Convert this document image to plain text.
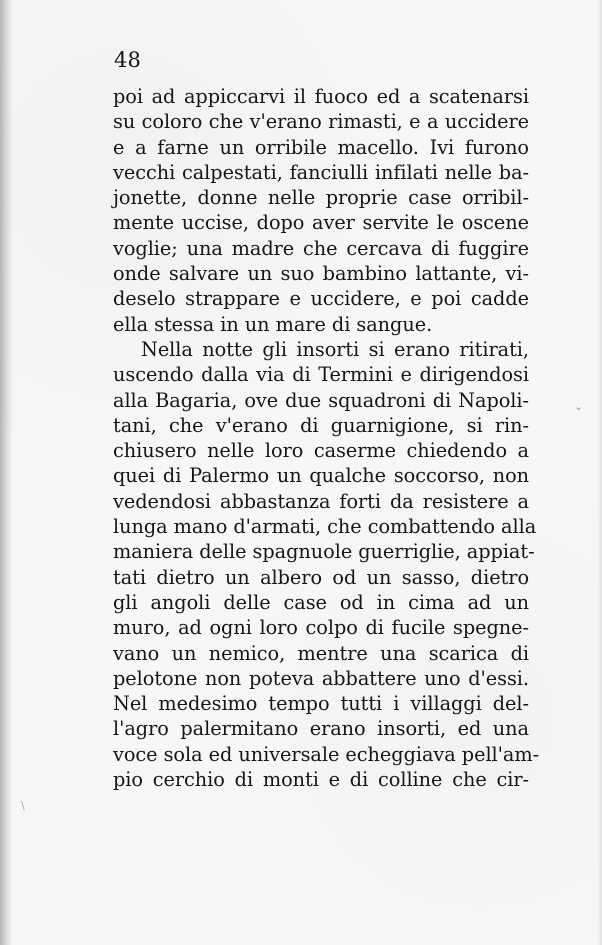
48
poi ad appiccarvi il fuoco ed a scatenarsi
su coloro che v'erano rimasti, e a uccidere
e a farne un orribile macello. Ivi furono
vecchi calpestati, fanciulli infilati nelle ba-
jonette, donne nelle proprie case orribil-
mente uccise, dopo aver servite le oscene
voglie; una madre che cercava di fuggire
onde salvare un suo bambino lattante, vi-
deselo strappare e uccidere, e poi cadde
ella stessa in un mare di sangue.
Nella notte gli insorti si erano ritirati,
uscendo dalla via di Termini e dirigendosi
alla Bagaria, ove due squadroni di Napoli-
tani, che v'erano di guarnigione, si rin-
chiusero nelle loro caserme chiedendo a
quei di Palermo un qualche soccorso, non
vedendosi abbastanza forti da resistere a
lunga mano d'armati, che combattendo alla
maniera delle spagnuole guerriglie, appiat-
tati dietro un albero od un sasso, dietro
gli angoli delle case od in cima ad un
muro, ad ogni loro colpo di fucile spegne-
vano un nemico, mentre una scarica di
pelotone non poteva abbattere uno d'essi.
Nel medesimo tempo tutti i villaggi del-
l'agro palermitano erano insorti, ed una
voce sola ed universale echeggiava pell'am-
pio cerchio di monti e di colline che cir-
⌄
\
